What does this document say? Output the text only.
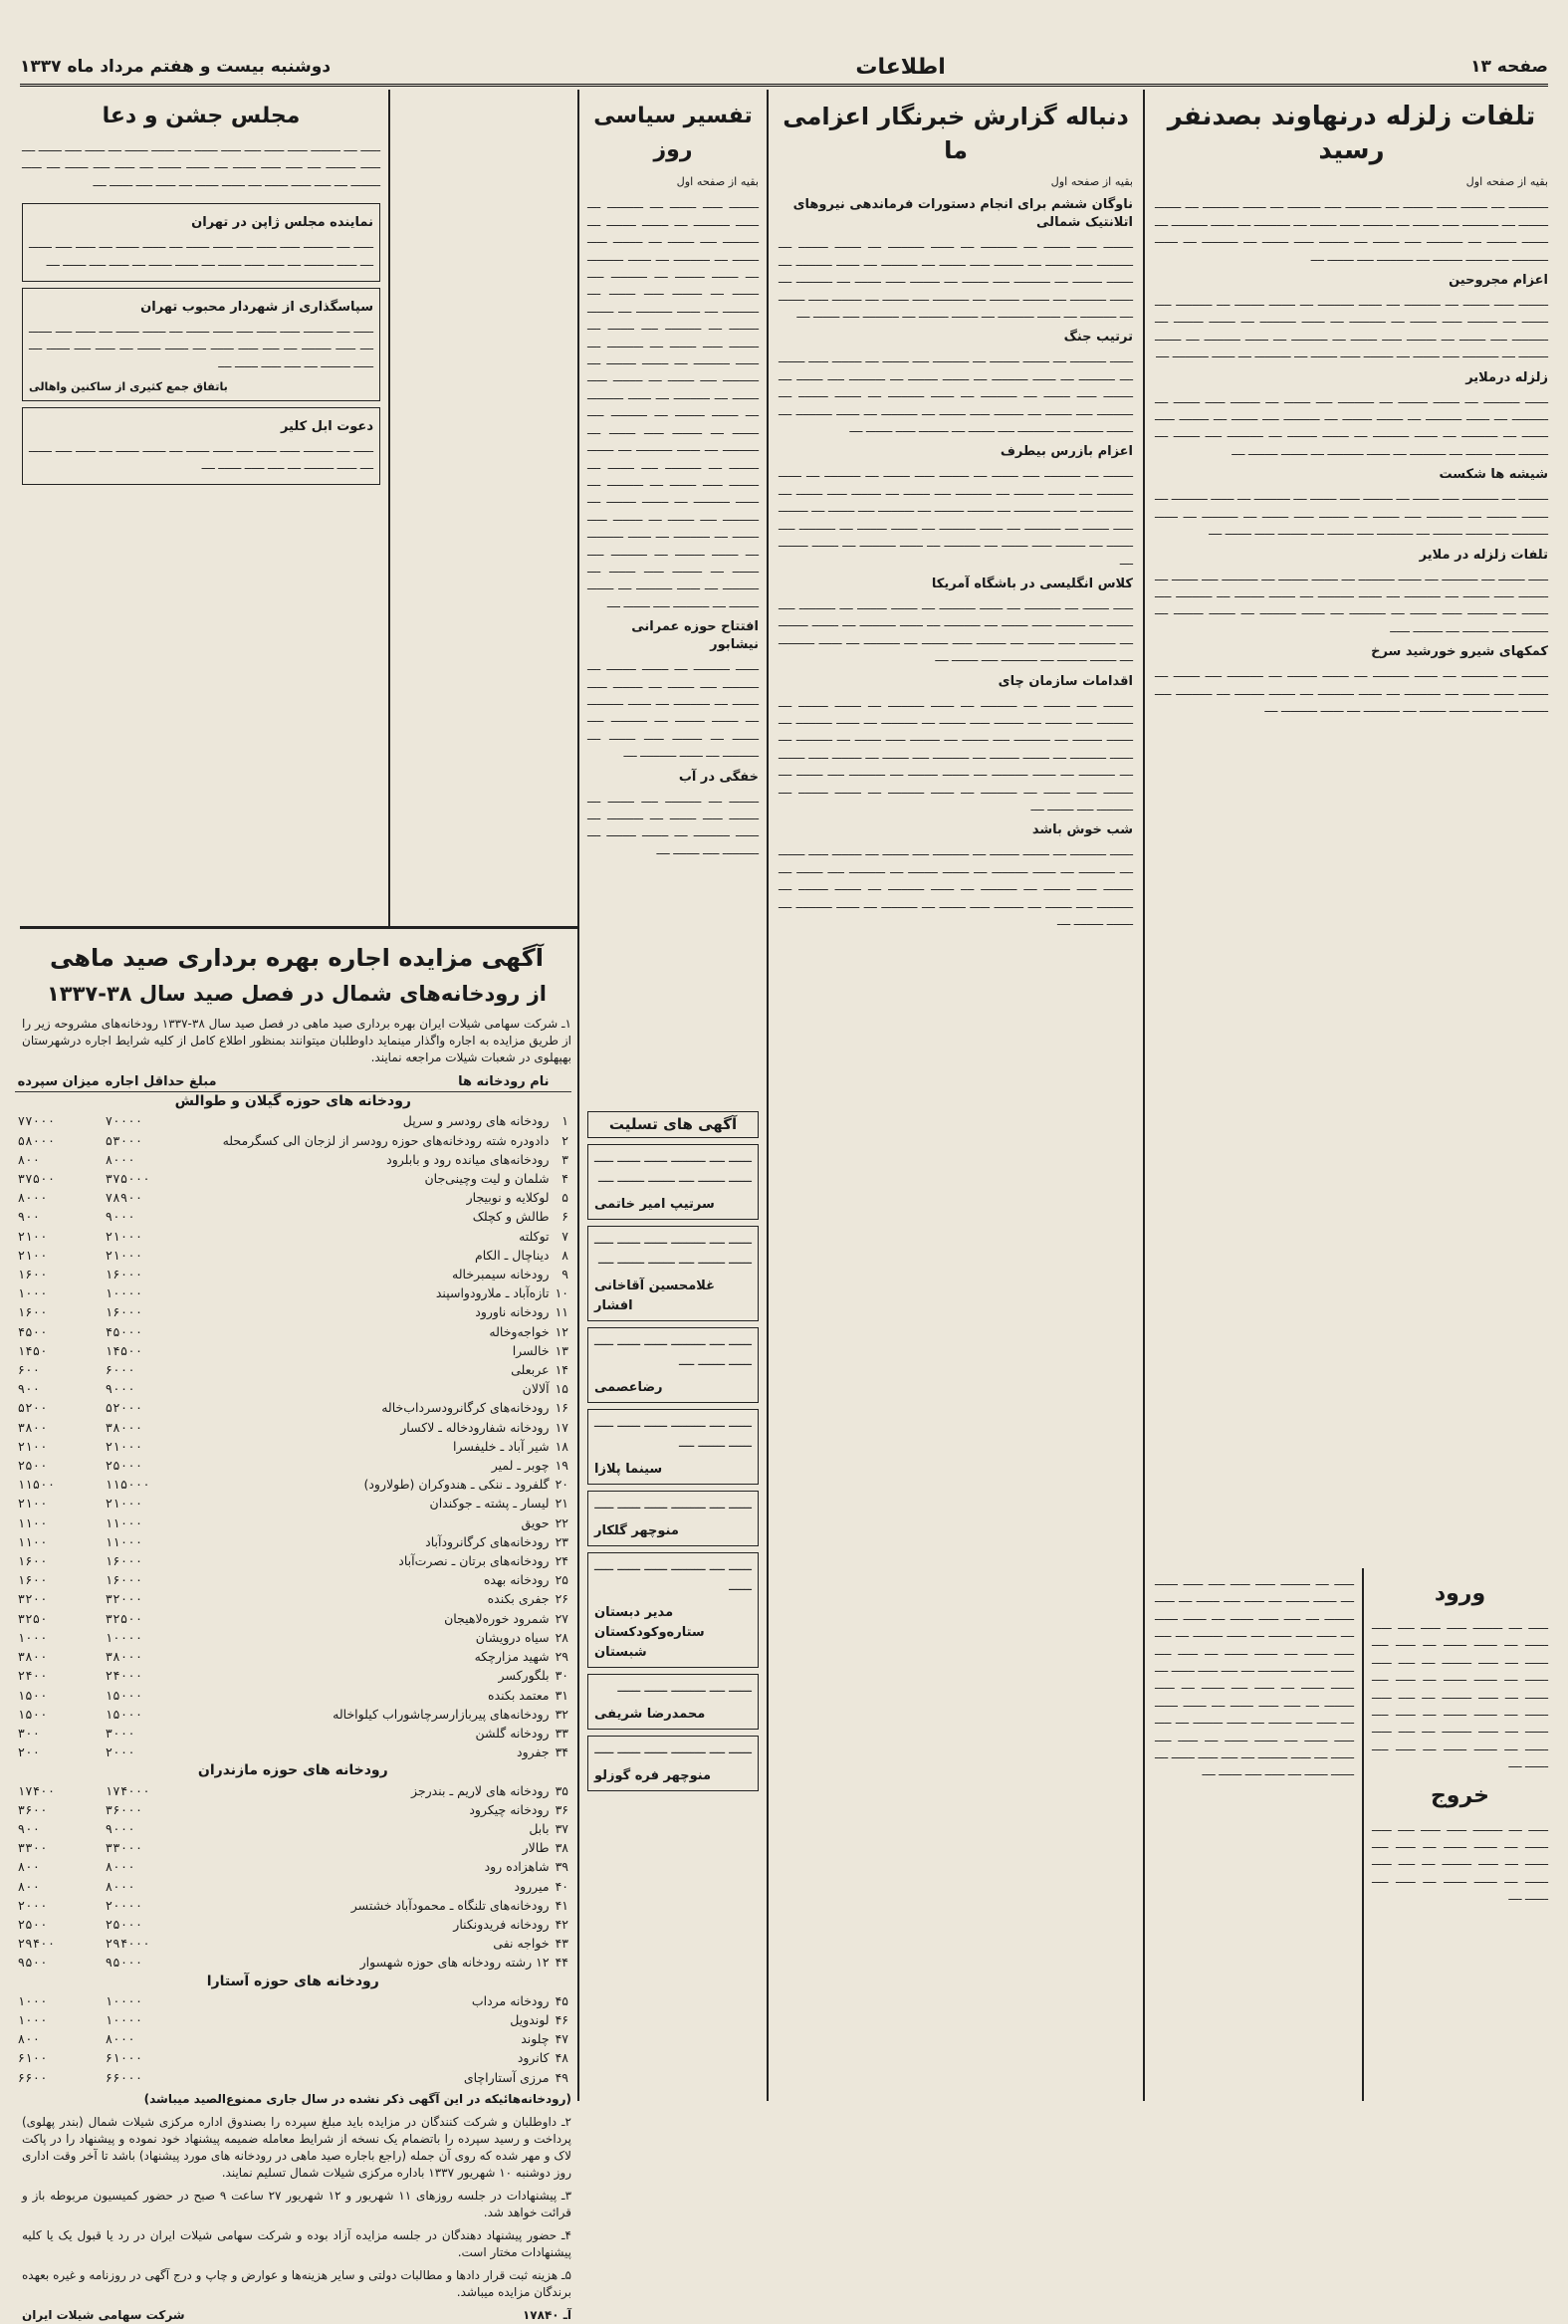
صفحه ۱۳
اطلاعات
دوشنبه بیست و هفتم مرداد ماه ۱۳۳۷
تلفات زلزله درنهاوند بصدنفر رسید

بقیه از صفحه اول

ــــــــــــ ــــ ــــــــ ــــــ ـــــــــ ــــ ـــــــــــ ـــــ ــــــــــ ــــ ـــــــ ـــــــــــ ــــ ــــــــ ـــــــــ ــــ ـــــــــــ ـــــ ــــــــ ــــ ـــــــــ ــــــ ــــــــ ــــ ـــــــــــ ــــ ـــــــ ـــــــــــ ــــ ــــــــ ـــــــــ ــــ ـــــــــــ ـــــ ــــــــ ــــ ـــــــــ ــــــ ــــــــ ــــ ـــــــــــ ــــ ـــــــ ـــــــــــ ــــ ــــــــ ـــــــــ ــــ ـــــــــــ ـــــ ــــــــ ــــ

اعزام مجروحین

ـــــــــ ــــــ ــــــــ ــــ ـــــــــــ ــــ ـــــــ ـــــــــــ ــــ ــــــــ ـــــــــ ــــ ـــــــــــ ـــــ ــــــــ ــــ ـــــــــ ــــــ ــــــــ ــــ ـــــــــــ ــــ ـــــــ ـــــــــــ ــــ ــــــــ ـــــــــ ــــ ـــــــــــ ـــــ ــــــــ ــــ ـــــــــ ــــــ ــــــــ ــــ ـــــــــــ ــــ ـــــــ ـــــــــــ ــــ ــــــــ ـــــــــ ــــ ـــــــــــ ـــــ ــــــــ ــــ ـــــــــ ــــــ ــــــــ ــــ ـــــــــــ ــــ ـــــــ ـــــــــــ ــــ

زلزله درملایر

ـــــــ ـــــــــــ ــــ ــــــــ ـــــــــ ــــ ـــــــــــ ـــــ ــــــــ ــــ ـــــــــ ــــــ ــــــــ ــــ ـــــــــــ ــــ ـــــــ ـــــــــــ ــــ ــــــــ ـــــــــ ــــ ـــــــــــ ـــــ ــــــــ ــــ ـــــــــ ــــــ ــــــــ ــــ ـــــــــــ ــــ ـــــــ ـــــــــــ ــــ ــــــــ ـــــــــ ــــ ـــــــــــ ـــــ ــــــــ ــــ ـــــــــ ــــــ ــــــــ ــــ ـــــــــــ ــــ ـــــــ ـــــــــــ ــــ ــــــــ ـــــــــ ــــ

شیشه ها شکست

ـــــــــ ــــ ـــــــــــ ـــــ ــــــــ ــــ ـــــــــ ــــــ ــــــــ ــــ ـــــــــــ ــــ ـــــــ ـــــــــــ ــــ ــــــــ ـــــــــ ــــ ـــــــــــ ـــــ ــــــــ ــــ ـــــــــ ــــــ ــــــــ ــــ ـــــــــــ ــــ ـــــــ ـــــــــــ ــــ ــــــــ ـــــــــ ــــ ـــــــــــ ـــــ ــــــــ ــــ ـــــــــ ــــــ ــــــــ ــــ

تلفات زلزله در ملایر

ــــــ ــــــــ ــــ ـــــــــــ ــــ ـــــــ ـــــــــــ ــــ ــــــــ ـــــــــ ــــ ـــــــــــ ـــــ ــــــــ ــــ ـــــــــ ــــــ ــــــــ ــــ ـــــــــــ ــــ ـــــــ ـــــــــــ ــــ ــــــــ ـــــــــ ــــ ـــــــــــ ـــــ ــــــــ ــــ ـــــــــ ــــــ ــــــــ ــــ ـــــــــــ ــــ ـــــــ ـــــــــــ ــــ ــــــــ ـــــــــ ــــ ـــــــــــ ـــــ ــــــــ ــــ ـــــــــ ــــــ

کمکهای شیرو خورشید سرخ

ــــــــ ــــ ـــــــــــ ــــ ـــــــ ـــــــــــ ــــ ــــــــ ـــــــــ ــــ ـــــــــــ ـــــ ــــــــ ــــ ـــــــــ ــــــ ــــــــ ــــ ـــــــــــ ــــ ـــــــ ـــــــــــ ــــ ــــــــ ـــــــــ ــــ ـــــــــــ ـــــ ــــــــ ــــ ـــــــــ ــــــ ــــــــ ــــ ـــــــــــ ــــ ـــــــ ـــــــــــ ــــ

ورود

ــــــ ــــ ـــــــــ ــــــ ــــــ ـــــ ــــــ ـــــــ ــــ ـــــــ ـــــــ ــــ ــــــ ـــــ ـــــــ ــــ ــــــ ـــــــــ ــــ ـــــ ــــــ ـــــــ ــــ ـــــــ ـــــــ ــــ ــــــ ـــــ ـــــــ ــــ ــــــ ـــــــــ ــــ ـــــ ــــــ ـــــــ ــــ ـــــــ ـــــــ ــــ ــــــ ـــــ ـــــــ ــــ ــــــ ـــــــــ ــــ ـــــ ــــــ ـــــــ ــــ ـــــــ ـــــــ ــــ ــــــ ـــــ ـــــــ ــــ

خروج

ــــــ ــــ ـــــــــ ــــــ ــــــ ـــــ ــــــ ـــــــ ــــ ـــــــ ـــــــ ــــ ــــــ ـــــ ـــــــ ــــ ــــــ ـــــــــ ــــ ـــــ ــــــ ـــــــ ــــ ـــــــ ـــــــ ــــ ــــــ ـــــ ـــــــ ــــ

ــــــ ــــ ـــــــــ ــــــ ــــــ ـــــ ــــــ ـــــــ ــــ ـــــــ ـــــــ ــــ ــــــ ـــــ ـــــــ ــــ ــــــ ـــــــــ ــــ ـــــ ــــــ ـــــــ ــــ ـــــــ ـــــــ ــــ ــــــ ـــــ ـــــــ ــــ ــــــ ـــــــــ ــــ ـــــ ــــــ ـــــــ ــــ ـــــــ ـــــــ ــــ ــــــ ـــــ ـــــــ ــــ ــــــ ـــــــــ ــــ ـــــ ــــــ ـــــــ ــــ ـــــــ ـــــــ ــــ ــــــ ـــــ ـــــــ ــــ ــــــ ـــــــــ ــــ ـــــ ــــــ ـــــــ ــــ ـــــــ ـــــــ ــــ ــــــ ـــــ ـــــــ ــــ ــــــ ـــــــــ ــــ ـــــ ــــــ ـــــــ ــــ ـــــــ ـــــــ ــــ ــــــ ـــــ ـــــــ ــــ ــــــ ـــــــــ ــــ ـــــ ــــــ ـــــــ ــــ ـــــــ ـــــــ ــــ ــــــ ـــــ ـــــــ ــــ

دنباله گزارش خبرنگار اعزامی ما

بقیه از صفحه اول

ناوگان ششم برای انجام دستورات فرماندهی نیروهای اتلانتیک شمالی

ـــــــــ ــــــ ــــــــ ــــ ـــــــــــ ــــ ـــــــ ـــــــــــ ــــ ــــــــ ـــــــــ ــــ ـــــــــــ ـــــ ــــــــ ــــ ـــــــــ ــــــ ــــــــ ــــ ـــــــــــ ــــ ـــــــ ـــــــــــ ــــ ــــــــ ـــــــــ ــــ ـــــــــــ ـــــ ــــــــ ــــ ـــــــــ ــــــ ــــــــ ــــ ـــــــــــ ــــ ـــــــ ـــــــــــ ــــ ــــــــ ـــــــــ ــــ ـــــــــــ ـــــ ــــــــ ــــ ـــــــــ ــــــ ــــــــ ــــ ـــــــــــ ــــ ـــــــ ـــــــــــ ــــ ــــــــ ـــــــــ ــــ ـــــــــــ ـــــ ــــــــ ــــ

ترتیب جنگ

ـــــــ ـــــــــــ ــــ ــــــــ ـــــــــ ــــ ـــــــــــ ـــــ ــــــــ ــــ ـــــــــ ــــــ ــــــــ ــــ ـــــــــــ ــــ ـــــــ ـــــــــــ ــــ ــــــــ ـــــــــ ــــ ـــــــــــ ـــــ ــــــــ ــــ ـــــــــ ــــــ ــــــــ ــــ ـــــــــــ ــــ ـــــــ ـــــــــــ ــــ ــــــــ ـــــــــ ــــ ـــــــــــ ـــــ ــــــــ ــــ ـــــــــ ــــــ ــــــــ ــــ ـــــــــــ ــــ ـــــــ ـــــــــــ ــــ ــــــــ ـــــــــ ــــ ـــــــــــ ـــــ ــــــــ ــــ ـــــــــ ــــــ ــــــــ ــــ

اعزام بازرس بیطرف

ـــــــــ ــــ ـــــــــــ ـــــ ــــــــ ــــ ـــــــــ ــــــ ــــــــ ــــ ـــــــــــ ــــ ـــــــ ـــــــــــ ــــ ــــــــ ـــــــــ ــــ ـــــــــــ ـــــ ــــــــ ــــ ـــــــــ ــــــ ــــــــ ــــ ـــــــــــ ــــ ـــــــ ـــــــــــ ــــ ــــــــ ـــــــــ ــــ ـــــــــــ ـــــ ــــــــ ــــ ـــــــــ ــــــ ــــــــ ــــ ـــــــــــ ــــ ـــــــ ـــــــــــ ــــ ــــــــ ـــــــــ ــــ ـــــــــــ ـــــ ــــــــ ــــ ـــــــــ ــــــ ــــــــ ــــ ـــــــــــ ــــ ـــــــ ـــــــــــ ــــ ــــــــ ـــــــــ ــــ

کلاس انگلیسی در باشگاه آمریکا

ــــــ ــــــــ ــــ ـــــــــــ ــــ ـــــــ ـــــــــــ ــــ ــــــــ ـــــــــ ــــ ـــــــــــ ـــــ ــــــــ ــــ ـــــــــ ــــــ ــــــــ ــــ ـــــــــــ ــــ ـــــــ ـــــــــــ ــــ ــــــــ ـــــــــ ــــ ـــــــــــ ـــــ ــــــــ ــــ ـــــــــ ــــــ ــــــــ ــــ ـــــــــــ ــــ ـــــــ ـــــــــــ ــــ ــــــــ ـــــــــ ــــ ـــــــــــ ـــــ ــــــــ ــــ

اقدامات سازمان چای

ـــــــــ ــــــ ــــــــ ــــ ـــــــــــ ــــ ـــــــ ـــــــــــ ــــ ــــــــ ـــــــــ ــــ ـــــــــــ ـــــ ــــــــ ــــ ـــــــــ ــــــ ــــــــ ــــ ـــــــــــ ــــ ـــــــ ـــــــــــ ــــ ــــــــ ـــــــــ ــــ ـــــــــــ ـــــ ــــــــ ــــ ـــــــــ ــــــ ــــــــ ــــ ـــــــــــ ــــ ـــــــ ـــــــــــ ــــ ــــــــ ـــــــــ ــــ ـــــــــــ ـــــ ــــــــ ــــ ـــــــــ ــــــ ــــــــ ــــ ـــــــــــ ــــ ـــــــ ـــــــــــ ــــ ــــــــ ـــــــــ ــــ ـــــــــــ ـــــ ــــــــ ــــ ـــــــــ ــــــ ــــــــ ــــ ـــــــــــ ــــ ـــــــ ـــــــــــ ــــ ــــــــ ـــــــــ ــــ ـــــــــــ ـــــ ــــــــ ــــ

شب خوش باشد

ـــــــ ـــــــــــ ــــ ــــــــ ـــــــــ ــــ ـــــــــــ ـــــ ــــــــ ــــ ـــــــــ ــــــ ــــــــ ــــ ـــــــــــ ــــ ـــــــ ـــــــــــ ــــ ــــــــ ـــــــــ ــــ ـــــــــــ ـــــ ــــــــ ــــ ـــــــــ ــــــ ــــــــ ــــ ـــــــــــ ــــ ـــــــ ـــــــــــ ــــ ــــــــ ـــــــــ ــــ ـــــــــــ ـــــ ــــــــ ــــ ـــــــــ ــــــ ــــــــ ــــ ـــــــــــ ــــ ـــــــ ـــــــــــ ــــ ــــــــ ـــــــــ ــــ

تفسیر سیاسی روز

بقیه از صفحه اول

ـــــــــ ــــــ ــــــــ ــــ ـــــــــــ ــــ ـــــــ ـــــــــــ ــــ ــــــــ ـــــــــ ــــ ـــــــــــ ـــــ ــــــــ ــــ ـــــــــ ــــــ ــــــــ ــــ ـــــــــــ ــــ ـــــــ ـــــــــــ ــــ ــــــــ ـــــــــ ــــ ـــــــــــ ـــــ ــــــــ ــــ ـــــــــ ــــــ ــــــــ ــــ ـــــــــــ ــــ ـــــــ ـــــــــــ ــــ ــــــــ ـــــــــ ــــ ـــــــــــ ـــــ ــــــــ ــــ ـــــــــ ــــــ ــــــــ ــــ ـــــــــــ ــــ ـــــــ ـــــــــــ ــــ ــــــــ ـــــــــ ــــ ـــــــــــ ـــــ ــــــــ ــــ ـــــــــ ــــــ ــــــــ ــــ ـــــــــــ ــــ ـــــــ ـــــــــــ ــــ ــــــــ ـــــــــ ــــ ـــــــــــ ـــــ ــــــــ ــــ ـــــــــ ــــــ ــــــــ ــــ ـــــــــــ ــــ ـــــــ ـــــــــــ ــــ ــــــــ ـــــــــ ــــ ـــــــــــ ـــــ ــــــــ ــــ ـــــــــ ــــــ ــــــــ ــــ ـــــــــــ ــــ ـــــــ ـــــــــــ ــــ ــــــــ ـــــــــ ــــ ـــــــــــ ـــــ ــــــــ ــــ ـــــــــ ــــــ ــــــــ ــــ ـــــــــــ ــــ ـــــــ ـــــــــــ ــــ ــــــــ ـــــــــ ــــ ـــــــــــ ـــــ ــــــــ ــــ ـــــــــ ــــــ ــــــــ ــــ ـــــــــــ ــــ ـــــــ ـــــــــــ ــــ ــــــــ ـــــــــ ــــ ـــــــــــ ـــــ ــــــــ ــــ

افتتاح حوزه عمرانی نیشابور

ـــــــ ـــــــــــ ــــ ــــــــ ـــــــــ ــــ ـــــــــــ ـــــ ــــــــ ــــ ـــــــــ ــــــ ــــــــ ــــ ـــــــــــ ــــ ـــــــ ـــــــــــ ــــ ــــــــ ـــــــــ ــــ ـــــــــــ ـــــ ــــــــ ــــ ـــــــــ ــــــ ــــــــ ــــ ـــــــــــ ــــ ـــــــ ـــــــــــ ــــ

خفگی در آب

ـــــــــ ــــ ـــــــــــ ـــــ ــــــــ ــــ ـــــــــ ــــــ ــــــــ ــــ ـــــــــــ ــــ ـــــــ ـــــــــــ ــــ ــــــــ ـــــــــ ــــ ـــــــــــ ـــــ ــــــــ ــــ

آگهی های تسلیت

ــــــ ــــ ـــــــــ ــــــ ــــــ ـــــ ــــــ ـــــــ ــــ ـــــــ ـــــــ ــــ

سرتیپ امیر خاتمی

ــــــ ــــ ـــــــــ ــــــ ــــــ ـــــ ــــــ ـــــــ ــــ ـــــــ ـــــــ ــــ

غلامحسین آقاخانی افشار

ــــــ ــــ ـــــــــ ــــــ ــــــ ـــــ ــــــ ـــــــ ــــ

رضاعصمی

ــــــ ــــ ـــــــــ ــــــ ــــــ ـــــ ــــــ ـــــــ ــــ

سینما پلازا

ــــــ ــــ ـــــــــ ــــــ ــــــ ـــــ

منوچهر گلکار

ــــــ ــــ ـــــــــ ــــــ ــــــ ـــــ ــــــ

مدیر دبستان ستاره‌و‌کودکستان شبستان

ــــــ ــــ ـــــــــ ــــــ ــــــ

محمدرضا شریفی

ــــــ ــــ ـــــــــ ــــــ ــــــ ـــــ

منوچهر فره گوزلو
مجلس جشن و دعا

ــــــ ــــ ـــــــــ ــــــ ــــــ ـــــ ــــــ ـــــــ ــــ ـــــــ ـــــــ ــــ ــــــ ـــــ ـــــــ ــــ ــــــ ـــــــــ ــــ ـــــ ــــــ ـــــــ ــــ ـــــــ ـــــــ ــــ ــــــ ـــــ ـــــــ ــــ ــــــ ـــــــــ ــــ ـــــ ــــــ ـــــــ ــــ ـــــــ ـــــــ ــــ ــــــ ـــــ ـــــــ ــــ

نماینده مجلس ژاپن در تهران

ــــــ ــــ ـــــــــ ــــــ ــــــ ـــــ ــــــ ـــــــ ــــ ـــــــ ـــــــ ــــ ــــــ ـــــ ـــــــ ــــ ــــــ ـــــــــ ــــ ـــــ ــــــ ـــــــ ــــ ـــــــ ـــــــ ــــ ــــــ ـــــ ـــــــ ــــ

سپاسگذاری از شهردار محبوب تهران

ــــــ ــــ ـــــــــ ــــــ ــــــ ـــــ ــــــ ـــــــ ــــ ـــــــ ـــــــ ــــ ــــــ ـــــ ـــــــ ــــ ــــــ ـــــــــ ــــ ـــــ ــــــ ـــــــ ــــ ـــــــ ـــــــ ــــ ــــــ ـــــ ـــــــ ــــ ــــــ ـــــــــ ــــ ـــــ ــــــ ـــــــ ــــ

باتفاق جمع کثیری از ساکنین واهالی
دعوت ابل کلیر

ــــــ ــــ ـــــــــ ــــــ ــــــ ـــــ ــــــ ـــــــ ــــ ـــــــ ـــــــ ــــ ــــــ ـــــ ـــــــ ــــ ــــــ ـــــــــ ــــ ـــــ ــــــ ـــــــ ــــ

آگهی مزایده اجاره بهره برداری صید ماهی
از رودخانه‌های شمال در فصل صید سال ۳۸-۱۳۳۷

۱ـ شرکت سهامی شیلات ایران بهره برداری صید ماهی در فصل صید سال ۳۸-۱۳۳۷ رودخانه‌های مشروحه زیر را از طریق مزایده به اجاره واگذار مینماید داوطلبان میتوانند بمنظور اطلاع کامل از کلیه شرایط اجاره درشهرستان بهپهلوی در شعبات شیلات مراجعه نمایند.

	نام رودخانه ها	مبلغ حداقل اجاره	میزان سپرده
رودخانه های حوزه گیلان و طوالش			
۱	رودخانه های رودسر و سرپل	۷۰۰۰۰	۷۷۰۰۰
۲	دادودره شته رودخانه‌های حوزه رودسر از لزجان الی کسگرمحله	۵۳۰۰۰	۵۸۰۰۰
۳	رودخانه‌های میانده رود و بابلرود	۸۰۰۰	۸۰۰
۴	شلمان و لیت وچینی‌جان	۳۷۵۰۰۰	۳۷۵۰۰
۵	لوکلایه و نوبیجار	۷۸۹۰۰	۸۰۰۰
۶	طالش و کچلک	۹۰۰۰	۹۰۰
۷	توکلته	۲۱۰۰۰	۲۱۰۰
۸	دیناچال ـ الکام	۲۱۰۰۰	۲۱۰۰
۹	رودخانه سیمبرخاله	۱۶۰۰۰	۱۶۰۰
۱۰	تازه‌آباد ـ ملارودواسپند	۱۰۰۰۰	۱۰۰۰
۱۱	رودخانه ناورود	۱۶۰۰۰	۱۶۰۰
۱۲	خواجه‌وخاله	۴۵۰۰۰	۴۵۰۰
۱۳	خالسرا	۱۴۵۰۰	۱۴۵۰
۱۴	عربعلی	۶۰۰۰	۶۰۰
۱۵	آلالان	۹۰۰۰	۹۰۰
۱۶	رودخانه‌های کرگانرودسرداب‌خاله	۵۲۰۰۰	۵۲۰۰
۱۷	رودخانه شفارود‌خاله ـ لاکسار	۳۸۰۰۰	۳۸۰۰
۱۸	شیر آباد ـ خلیفسرا	۲۱۰۰۰	۲۱۰۰
۱۹	چوبر ـ لمیر	۲۵۰۰۰	۲۵۰۰
۲۰	گلفرود ـ ننکی ـ هندوکران (طولارود)	۱۱۵۰۰۰	۱۱۵۰۰
۲۱	لیسار ـ پشته ـ جوکندان	۲۱۰۰۰	۲۱۰۰
۲۲	حویق	۱۱۰۰۰	۱۱۰۰
۲۳	رودخانه‌های کرگانرود‌آباد	۱۱۰۰۰	۱۱۰۰
۲۴	رودخانه‌های برتان ـ نصرت‌آباد	۱۶۰۰۰	۱۶۰۰
۲۵	رودخانه بهده	۱۶۰۰۰	۱۶۰۰
۲۶	جفری بکنده	۳۲۰۰۰	۳۲۰۰
۲۷	شمرود خوره‌لاهیجان	۳۲۵۰۰	۳۲۵۰
۲۸	سیاه درویشان	۱۰۰۰۰	۱۰۰۰
۲۹	شهید مزارچکه	۳۸۰۰۰	۳۸۰۰
۳۰	بلگور‌کسر	۲۴۰۰۰	۲۴۰۰
۳۱	معتمد بکنده	۱۵۰۰۰	۱۵۰۰
۳۲	رودخانه‌های پیربازار‌سرچاشوراب کیلواخاله	۱۵۰۰۰	۱۵۰۰
۳۳	رودخانه گلشن	۳۰۰۰	۳۰۰
۳۴	جفرود	۲۰۰۰	۲۰۰
رودخانه های حوزه مازندران			
۳۵	رودخانه های لاریم ـ بندرجز	۱۷۴۰۰۰	۱۷۴۰۰
۳۶	رودخانه چیکرود	۳۶۰۰۰	۳۶۰۰
۳۷	بابل	۹۰۰۰	۹۰۰
۳۸	طالار	۳۳۰۰۰	۳۳۰۰
۳۹	شاهزاده رود	۸۰۰۰	۸۰۰
۴۰	میررود	۸۰۰۰	۸۰۰
۴۱	رودخانه‌های تلنگاه ـ محمودآباد خشتسر	۲۰۰۰۰	۲۰۰۰
۴۲	رودخانه فریدونکنار	۲۵۰۰۰	۲۵۰۰
۴۳	خواجه نفی	۲۹۴۰۰۰	۲۹۴۰۰
۴۴	۱۲ رشته رودخانه های حوزه شهسوار	۹۵۰۰۰	۹۵۰۰
رودخانه های حوزه آستارا			
۴۵	رودخانه مرداب	۱۰۰۰۰	۱۰۰۰
۴۶	لوندویل	۱۰۰۰۰	۱۰۰۰
۴۷	چلوند	۸۰۰۰	۸۰۰
۴۸	کانرود	۶۱۰۰۰	۶۱۰۰
۴۹	مرزی آستارا‌چای	۶۶۰۰۰	۶۶۰۰

(رودخانه‌هائیکه در این آگهی ذکر نشده در سال جاری ممنوع‌الصید میباشد)

۲ـ داوطلبان و شرکت کنندگان در مزایده باید مبلغ سپرده را بصندوق اداره مرکزی شیلات شمال (بندر پهلوی) پرداخت و رسید سپرده را باتضمام یک نسخه از شرایط معامله ضمیمه پیشنهاد خود نموده و پیشنهاد را در پاکت لاک و مهر شده که روی آن جمله (راجع باجاره صید ماهی در رودخانه های مورد پیشنهاد) باشد تا آخر وقت اداری روز دوشنبه ۱۰ شهریور ۱۳۳۷ باداره مرکزی شیلات شمال تسلیم نمایند.

۳ـ پیشنهادات در جلسه روزهای ۱۱ شهریور و ۱۲ شهریور ۲۷ ساعت ۹ صبح در حضور کمیسیون مربوطه باز و قرائت خواهد شد.

۴ـ حضور پیشنهاد دهندگان در جلسه مزایده آزاد بوده و شرکت سهامی شیلات ایران در رد یا قبول یک یا کلیه پیشنهادات مختار است.

۵ـ هزینه ثبت قرار دادها و مطالبات دولتی و سایر هزینه‌ها و عوارض و چاپ و درج آگهی در روزنامه و غیره بعهده برندگان مزایده میباشد.

آـ ۱۷۸۴۰
شرکت سهامی شیلات ایران
